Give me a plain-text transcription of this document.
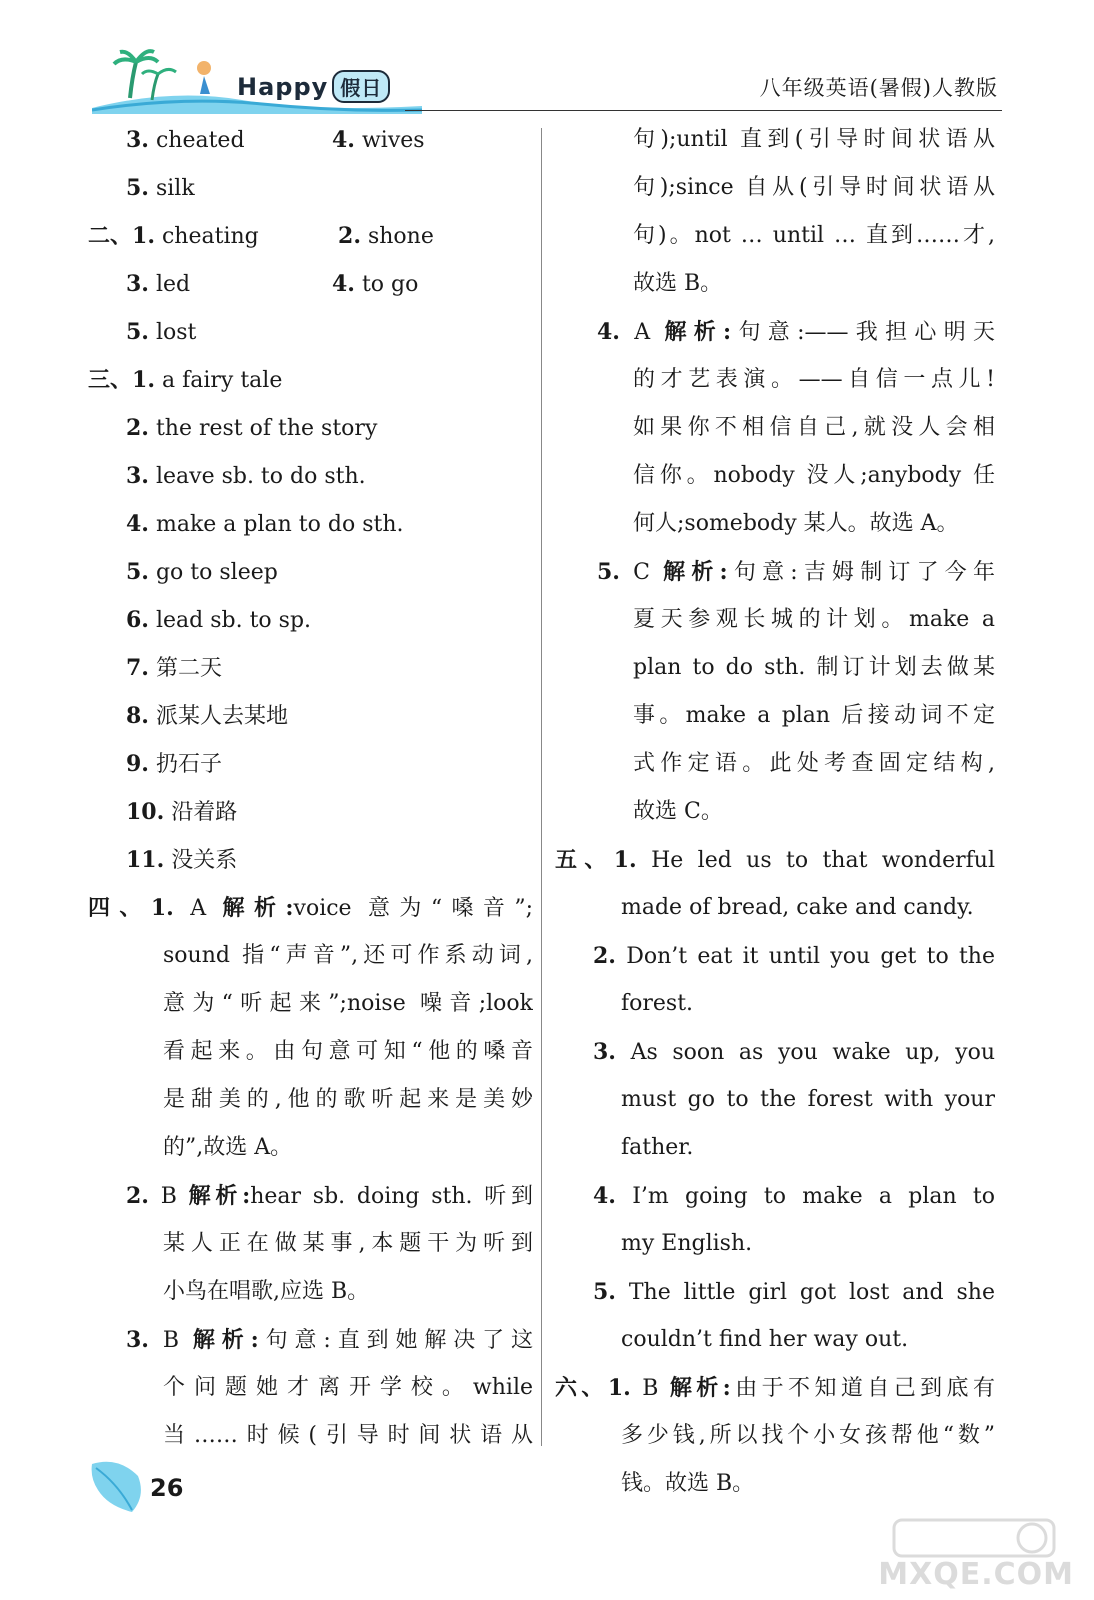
Happy 假日	八年级英语(暑假)人教版
3. cheated	4. wives
5. silk
二、 1. cheating	2. shone
3. led	4. to go
5. lost
三、1. a fairy tale
2. the rest of the story
3. leave sb. to do sth.
4. make a plan to do sth.
5. go to sleep
6. lead sb. to sp.
7. 第二天
8. 派某人去某地
9. 扔石子
10. 沿着路
11. 没关系
四、1. A 解析:voice 意为“嗓音”;
sound 指“声音”,还可作系动词,
意为“听起来”;noise 噪音;look
看起来。由句意可知“他的嗓音
是甜美的,他的歌听起来是美妙
的”,故选 A。
2. B 解析:hear sb. doing sth. 听到
某人正在做某事,本题干为听到
小鸟在唱歌,应选 B。
3. B 解析:句意:直到她解决了这
个问题她才离开学校。while
当……时候(引导时间状语从
句);until 直到(引导时间状语从
句);since 自从(引导时间状语从
句)。not … until … 直到……才,
故选 B。
4. A 解析:句意:——我担心明天
的才艺表演。——自信一点儿!
如果你不相信自己,就没人会相
信你。nobody 没人;anybody 任
何人;somebody 某人。故选 A。
5. C 解析:句意:吉姆制订了今年
夏天参观长城的计划。make a
plan to do sth. 制订计划去做某
事。make a plan 后接动词不定
式作定语。此处考查固定结构,
故选 C。
五、1. He led us to that wonderful
made of bread, cake and candy.
2. Don’t eat it until you get to the
forest.
3. As soon as you wake up, you
must go to the forest with your
father.
4. I’m going to make a plan to
my English.
5. The little girl got lost and she
couldn’t find her way out.
六、1. B 解析:由于不知道自己到底有
多少钱,所以找个小女孩帮他“数”
钱。故选 B。
26
MXQE.COM
